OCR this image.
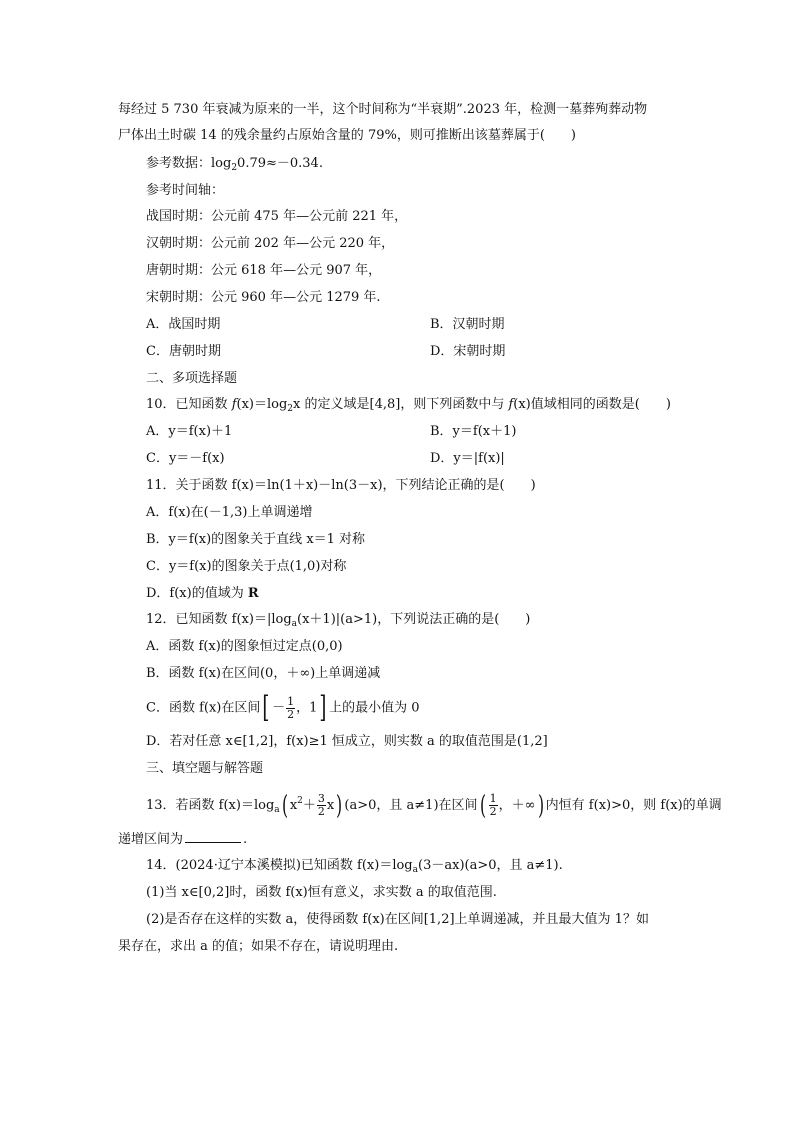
每经过 5 730 年衰减为原来的一半，这个时间称为“半衰期”.2023 年，检测一墓葬殉葬动物
尸体出土时碳 14 的残余量约占原始含量的 79%，则可推断出该墓葬属于(　　)
参考数据：$\log_20.79\approx-0.34$.
参考时间轴：
战国时期：公元前 475 年—公元前 221 年，
汉朝时期：公元前 202 年—公元 220 年，
唐朝时期：公元 618 年—公元 907 年，
宋朝时期：公元 960 年—公元 1279 年.
A．战国时期	B．汉朝时期
C．唐朝时期	D．宋朝时期
二、多项选择题
10．已知函数 $f(x)=\log_2x$ 的定义域是[4,8]，则下列函数中与 f(x)值域相同的函数是(　　)
A．y＝f(x)＋1	B．y＝f(x＋1)
C．y＝－f(x)	D．y＝|f(x)|
11．关于函数 f(x)＝ln(1＋x)－ln(3－x)，下列结论正确的是(　　)
A．f(x)在(－1,3)上单调递增
B．y＝f(x)的图象关于直线 x＝1 对称
C．y＝f(x)的图象关于点(1,0)对称
D．f(x)的值域为 R
12．已知函数 $f(x)=|\log_a(x+1)|(a>1)$，下列说法正确的是(　　)
A．函数 f(x)的图象恒过定点(0,0)
B．函数 f(x)在区间(0，＋∞)上单调递减
C．函数 f(x)在区间[ － $\frac{1}{2}$ ，1] 上的最小值为 0
D．若对任意 x∈[1,2]，f(x)≥1 恒成立，则实数 a 的取值范围是(1,2]
三、填空题与解答题
13．若函数 $f(x)=\log_a$( $x^2+ \frac{3}{2} x$) (a>0，且 a≠1)在区间( $\frac{1}{2}$ ，＋∞) 内恒有 f(x)>0，则 f(x)的单调
递增区间为	.
14．(2024·辽宁本溪模拟)已知函数 $f(x)=\log_a(3-ax)(a>0$，且 a≠1).
(1)当 x∈[0,2]时，函数 f(x)恒有意义，求实数 a 的取值范围.
(2)是否存在这样的实数 a，使得函数 f(x)在区间[1,2]上单调递减，并且最大值为 1？如
果存在，求出 a 的值；如果不存在，请说明理由.
